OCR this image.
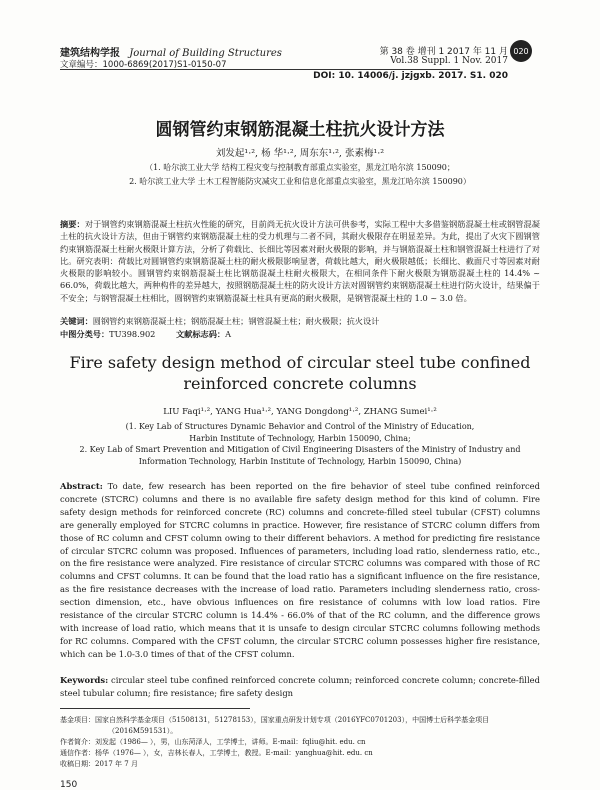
020
建筑结构学报 Journal of Building Structures
文章编号：1000-6869(2017)S1-0150-07
第 38 卷 增刊 1 2017 年 11 月
Vol.38 Suppl. 1 Nov. 2017
DOI: 10. 14006/j. jzjgxb. 2017. S1. 020
圆钢管约束钢筋混凝土柱抗火设计方法
刘发起¹·², 杨 华¹·², 周东东¹·², 张素梅¹·²
（1. 哈尔滨工业大学 结构工程灾变与控制教育部重点实验室，黑龙江哈尔滨 150090；
2. 哈尔滨工业大学 土木工程智能防灾减灾工业和信息化部重点实验室，黑龙江哈尔滨 150090）
摘要：对于钢管约束钢筋混凝土柱抗火性能的研究，目前尚无抗火设计方法可供参考，实际工程中大多借鉴钢筋混凝土柱或钢管混凝土柱的抗火设计方法，但由于钢管约束钢筋混凝土柱的受力机理与二者不同，其耐火极限存在明显差异。为此，提出了火灾下圆钢管约束钢筋混凝土柱耐火极限计算方法，分析了荷载比、长细比等因素对耐火极限的影响，并与钢筋混凝土柱和钢管混凝土柱进行了对比。研究表明：荷载比对圆钢管约束钢筋混凝土柱的耐火极限影响显著，荷载比越大，耐火极限越低；长细比、截面尺寸等因素对耐火极限的影响较小。圆钢管约束钢筋混凝土柱比钢筋混凝土柱耐火极限大，在相同条件下耐火极限为钢筋混凝土柱的 14.4% ~ 66.0%，荷载比越大，两种构件的差异越大，按照钢筋混凝土柱的防火设计方法对圆钢管约束钢筋混凝土柱进行防火设计，结果偏于不安全；与钢管混凝土柱相比，圆钢管约束钢筋混凝土柱具有更高的耐火极限，是钢管混凝土柱的 1.0 ~ 3.0 倍。
关键词：圆钢管约束钢筋混凝土柱；钢筋混凝土柱；钢管混凝土柱；耐火极限；抗火设计
中图分类号：TU398.902	文献标志码：A
Fire safety design method of circular steel tube confined
reinforced concrete columns
LIU Faqi¹·², YANG Hua¹·², YANG Dongdong¹·², ZHANG Sumei¹·²
(1. Key Lab of Structures Dynamic Behavior and Control of the Ministry of Education,
Harbin Institute of Technology, Harbin 150090, China;
2. Key Lab of Smart Prevention and Mitigation of Civil Engineering Disasters of the Ministry of Industry and
Information Technology, Harbin Institute of Technology, Harbin 150090, China)
Abstract: To date, few research has been reported on the fire behavior of steel tube confined reinforced concrete (STCRC) columns and there is no available fire safety design method for this kind of column. Fire safety design methods for reinforced concrete (RC) columns and concrete-filled steel tubular (CFST) columns are generally employed for STCRC columns in practice. However, fire resistance of STCRC column differs from those of RC column and CFST column owing to their different behaviors. A method for predicting fire resistance of circular STCRC column was proposed. Influences of parameters, including load ratio, slenderness ratio, etc., on the fire resistance were analyzed. Fire resistance of circular STCRC columns was compared with those of RC columns and CFST columns. It can be found that the load ratio has a significant influence on the fire resistance, as the fire resistance decreases with the increase of load ratio. Parameters including slenderness ratio, cross-section dimension, etc., have obvious influences on fire resistance of columns with low load ratios. Fire resistance of the circular STCRC column is 14.4% - 66.0% of that of the RC column, and the difference grows with increase of load ratio, which means that it is unsafe to design circular STCRC columns following methods for RC columns. Compared with the CFST column, the circular STCRC column possesses higher fire resistance, which can be 1.0-3.0 times of that of the CFST column.
Keywords: circular steel tube confined reinforced concrete column; reinforced concrete column; concrete-filled steel tubular column; fire resistance; fire safety design
基金项目：国家自然科学基金项目（51508131，51278153），国家重点研发计划专项（2016YFC0701203），中国博士后科学基金项目
（2016M591531）。
作者简介：刘发起（1986— ），男，山东菏泽人，工学博士，讲师。E-mail：fqliu@hit. edu. cn
通信作者：杨华（1976— ），女，吉林长春人，工学博士，教授。E-mail：yanghua@hit. edu. cn
收稿日期：2017 年 7 月
150
